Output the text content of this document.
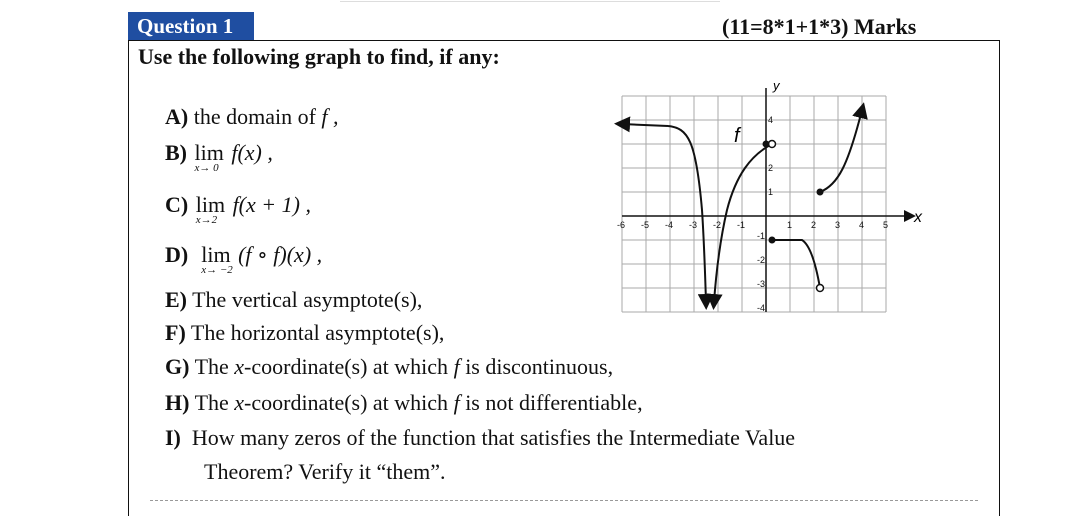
Question 1	(11=8*1+1*3) Marks
Use the following graph to find, if any:
A) the domain of f ,
B) lim
x→ 0
f(x) ,
C) lim
x→2
f(x + 1) ,
D) lim
x→ −2
(f ∘ f)(x) ,
E) The vertical asymptote(s),
F) The horizontal asymptote(s),
G) The x-coordinate(s) at which f is discontinuous,
H) The x-coordinate(s) at which f is not differentiable,
I) How many zeros of the function that satisfies the Intermediate Value
Theorem? Verify it “them”.
x
y
f
-6 -5 -4 -3 -2 -1	1 2 3 4 5
4
2
1
-1
-2
-3
-4
